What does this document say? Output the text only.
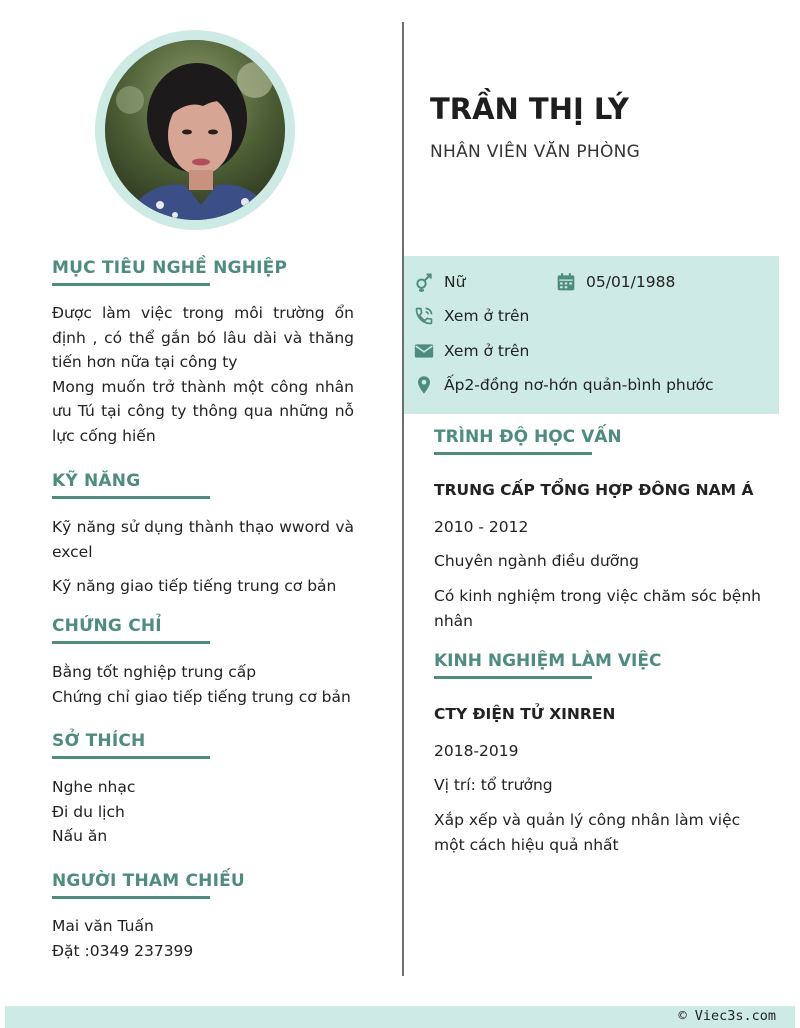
MỤC TIÊU NGHỀ NGHIỆP
Được làm việc trong môi trường ổn định , có thể gắn bó lâu dài và thăng tiến hơn nữa tại công ty
Mong muốn trở thành một công nhân ưu Tú tại công ty thông qua những nỗ lực cống hiến
KỸ NĂNG
Kỹ năng sử dụng thành thạo wword và excel
Kỹ năng giao tiếp tiếng trung cơ bản
CHỨNG CHỈ
Bằng tốt nghiệp trung cấp
Chứng chỉ giao tiếp tiếng trung cơ bản
SỞ THÍCH
Nghe nhạc
Đi du lịch
Nấu ăn
NGƯỜI THAM CHIẾU
Mai văn Tuấn
Đặt :0349 237399
TRẦN THỊ LÝ
NHÂN VIÊN VĂN PHÒNG
Nữ	05/01/1988
Xem ở trên
Xem ở trên
Ấp2-đồng nơ-hớn quản-bình phước
TRÌNH ĐỘ HỌC VẤN
TRUNG CẤP TỔNG HỢP ĐÔNG NAM Á
2010 - 2012
Chuyên ngành điều dưỡng
Có kinh nghiệm trong việc chăm sóc bệnh nhân
KINH NGHIỆM LÀM VIỆC
CTY ĐIỆN TỬ XINREN
2018-2019
Vị trí: tổ trưởng
Xắp xếp và quản lý công nhân làm việc một cách hiệu quả nhất
© Viec3s.com
